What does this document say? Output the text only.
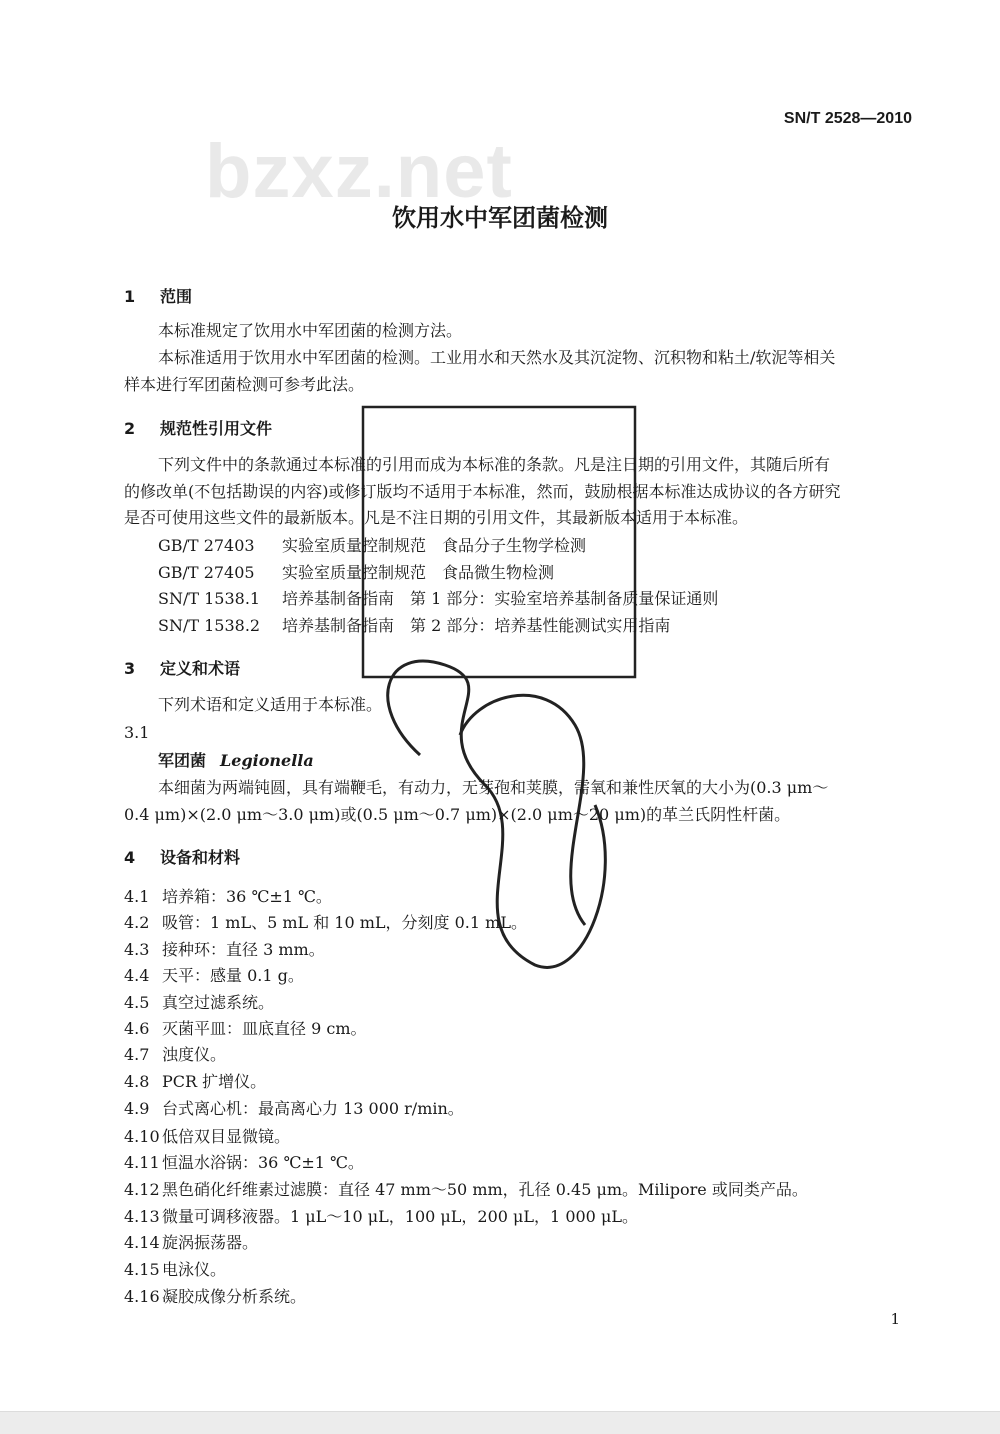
SN/T 2528—2010
bzxz.net
饮用水中军团菌检测
1 范围
本标准规定了饮用水中军团菌的检测方法。
本标准适用于饮用水中军团菌的检测。工业用水和天然水及其沉淀物、沉积物和粘土/软泥等相关
样本进行军团菌检测可参考此法。
2 规范性引用文件
下列文件中的条款通过本标准的引用而成为本标准的条款。凡是注日期的引用文件，其随后所有
的修改单(不包括勘误的内容)或修订版均不适用于本标准，然而，鼓励根据本标准达成协议的各方研究
是否可使用这些文件的最新版本。凡是不注日期的引用文件，其最新版本适用于本标准。
GB/T 27403 实验室质量控制规范　食品分子生物学检测
GB/T 27405 实验室质量控制规范　食品微生物检测
SN/T 1538.1 培养基制备指南　第 1 部分：实验室培养基制备质量保证通则
SN/T 1538.2 培养基制备指南　第 2 部分：培养基性能测试实用指南
3 定义和术语
下列术语和定义适用于本标准。
3.1
军团菌 Legionella
本细菌为两端钝圆，具有端鞭毛，有动力，无芽孢和荚膜，需氧和兼性厌氧的大小为(0.3 μm～
0.4 μm)×(2.0 μm～3.0 μm)或(0.5 μm～0.7 μm)×(2.0 μm～20 μm)的革兰氏阴性杆菌。
4 设备和材料
4.1 培养箱：36 ℃±1 ℃。
4.2 吸管：1 mL、5 mL 和 10 mL，分刻度 0.1 mL。
4.3 接种环：直径 3 mm。
4.4 天平：感量 0.1 g。
4.5 真空过滤系统。
4.6 灭菌平皿：皿底直径 9 cm。
4.7 浊度仪。
4.8 PCR 扩增仪。
4.9 台式离心机：最高离心力 13 000 r/min。
4.10 低倍双目显微镜。
4.11 恒温水浴锅：36 ℃±1 ℃。
4.12 黑色硝化纤维素过滤膜：直径 47 mm～50 mm，孔径 0.45 μm。Milipore 或同类产品。
4.13 微量可调移液器。1 μL～10 μL，100 μL，200 μL，1 000 μL。
4.14 旋涡振荡器。
4.15 电泳仪。
4.16 凝胶成像分析系统。
1
